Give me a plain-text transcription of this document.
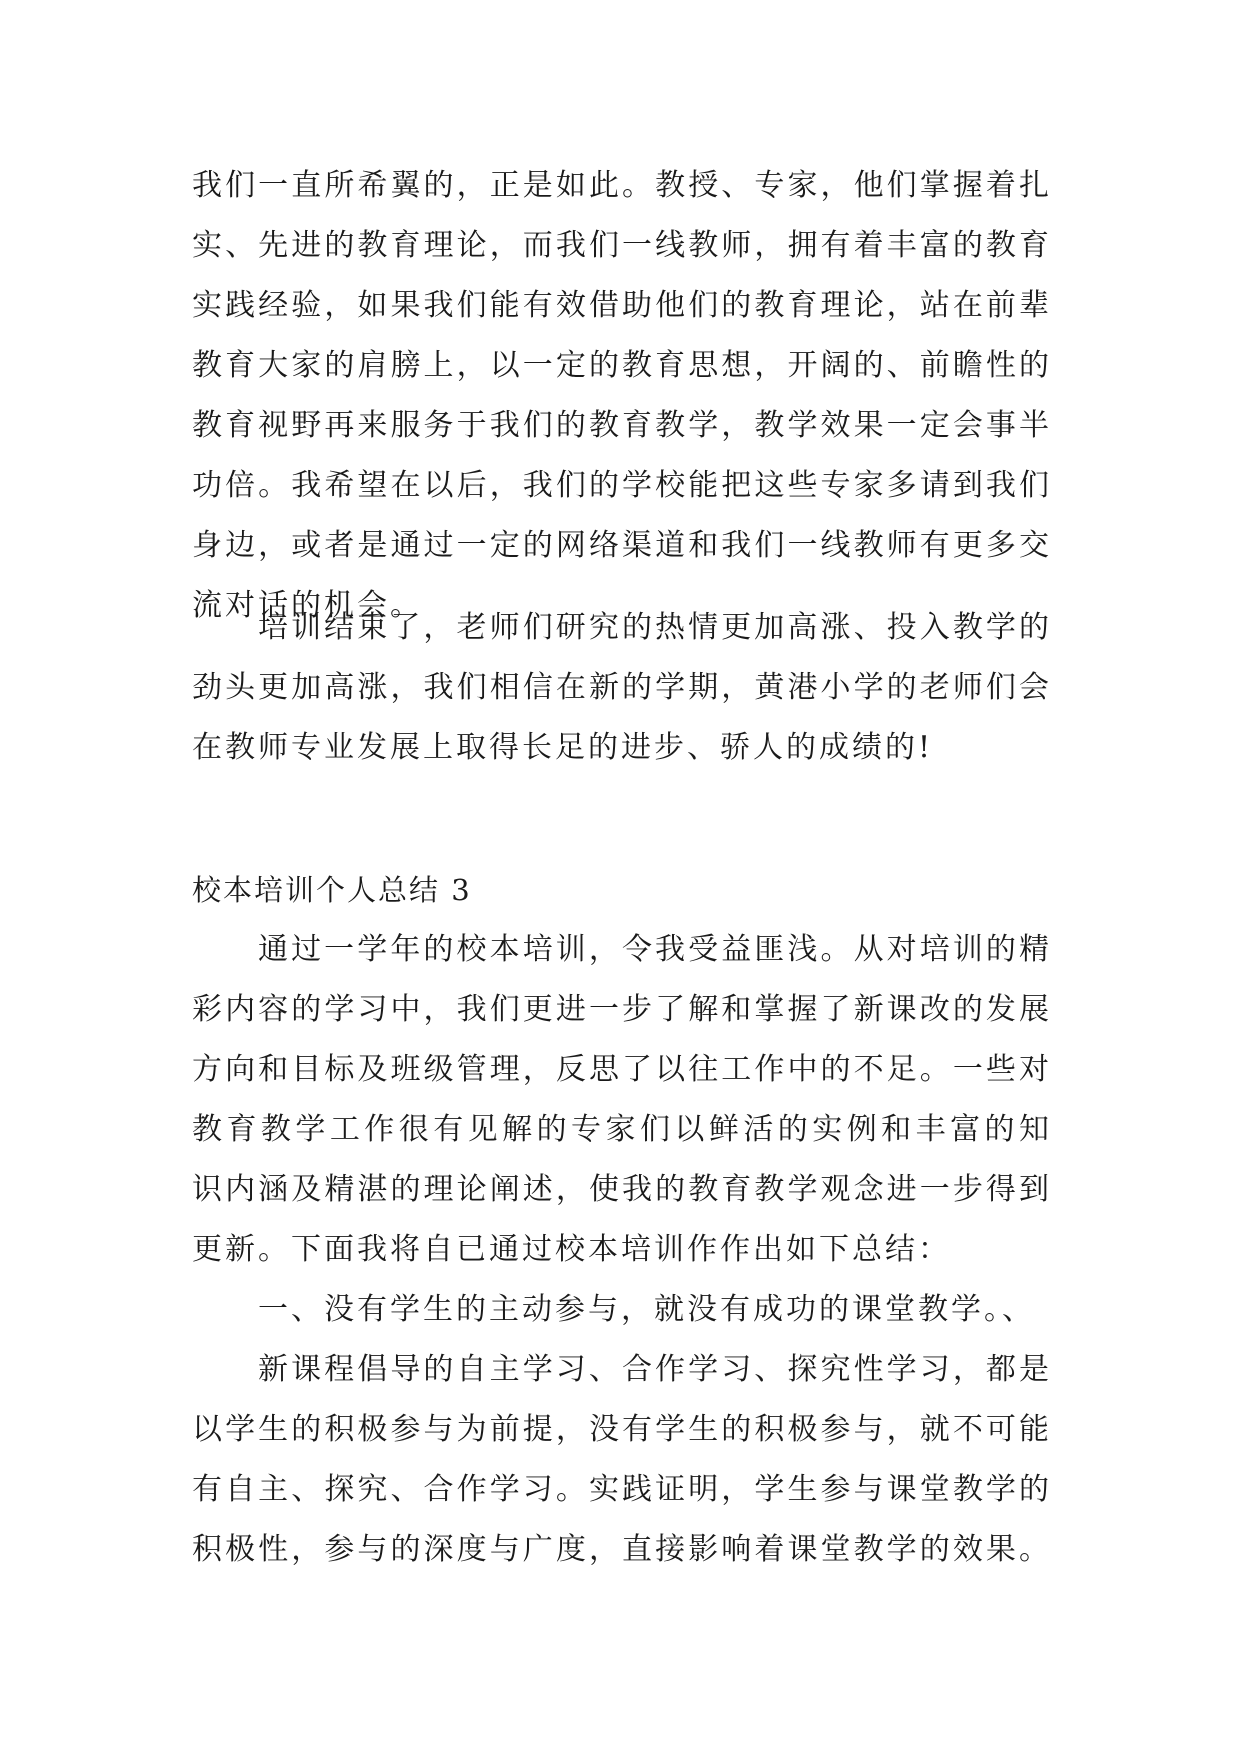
我们一直所希翼的，正是如此。教授、专家，他们掌握着扎
实、先进的教育理论，而我们一线教师，拥有着丰富的教育
实践经验，如果我们能有效借助他们的教育理论，站在前辈
教育大家的肩膀上，以一定的教育思想，开阔的、前瞻性的
教育视野再来服务于我们的教育教学，教学效果一定会事半
功倍。我希望在以后，我们的学校能把这些专家多请到我们
身边，或者是通过一定的网络渠道和我们一线教师有更多交
流对话的机会。
培训结束了，老师们研究的热情更加高涨、投入教学的
劲头更加高涨，我们相信在新的学期，黄港小学的老师们会
在教师专业发展上取得长足的进步、骄人的成绩的!
校本培训个人总结 3
通过一学年的校本培训，令我受益匪浅。从对培训的精
彩内容的学习中，我们更进一步了解和掌握了新课改的发展
方向和目标及班级管理，反思了以往工作中的不足。一些对
教育教学工作很有见解的专家们以鲜活的实例和丰富的知
识内涵及精湛的理论阐述，使我的教育教学观念进一步得到
更新。下面我将自已通过校本培训作作出如下总结：
一、没有学生的主动参与，就没有成功的课堂教学。、
新课程倡导的自主学习、合作学习、探究性学习，都是
以学生的积极参与为前提，没有学生的积极参与，就不可能
有自主、探究、合作学习。实践证明，学生参与课堂教学的
积极性，参与的深度与广度，直接影响着课堂教学的效果。
